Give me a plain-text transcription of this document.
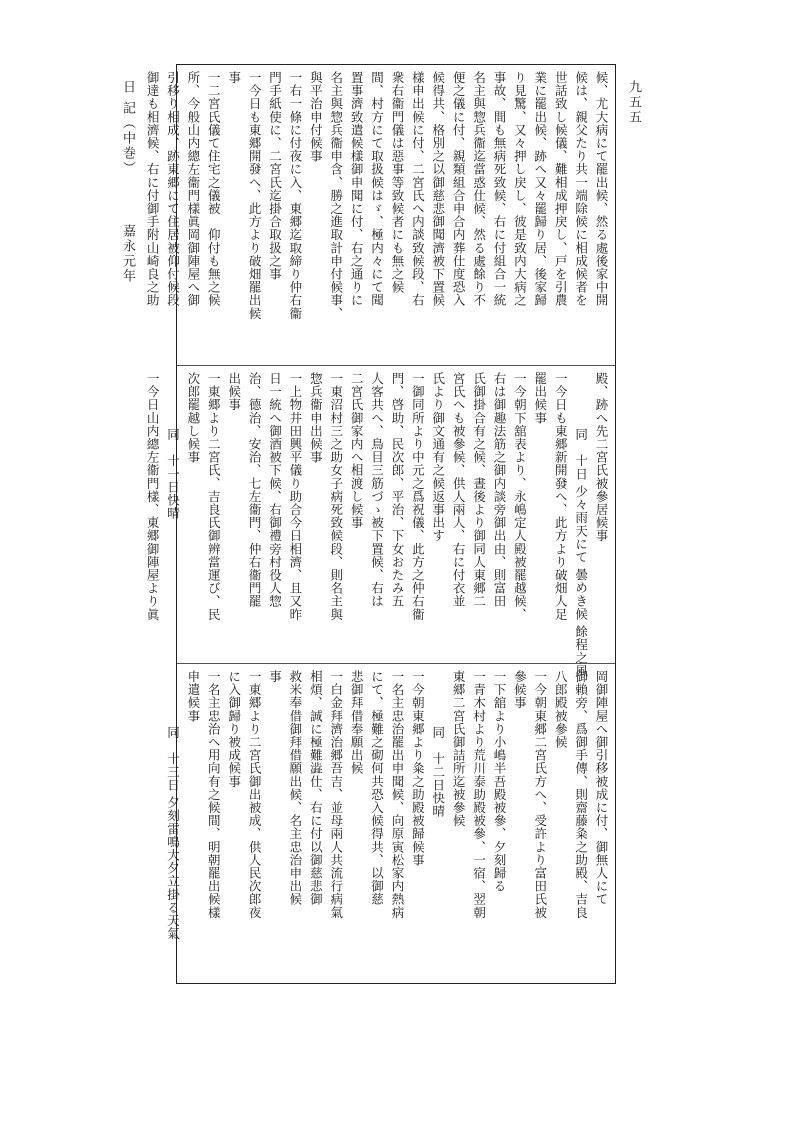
日 記（中巻） 嘉永元年
九五五
候、尤大病にて罷出候、然る處後家中開
候は、親父たり共一端除候に相成候者を
世話致し候儀、難相成押戻し、戸を引農
業に罷出候、跡へ又々罷歸り居、後家歸
り見驚、又々押し戻し、彼是致内大病之
事故、間も無病死致候、右に付組合一統
名主與惣兵衞迄當惑仕候、然る處餘り不
便之儀に付、親類組合申合内葬仕度恐入
候得共、格別之以御慈悲御聞濟被下置候
樣申出候に付、二宮氏へ内談致候段、右
衆右衞門儀は惡事等致候者にも無之候
間、村方にて取扱候はゞ、極内々にて聞
置事濟致遣候樣御申聞に付、右之通りに
名主與惣兵衞申含、勝之進取計申付候事、
與平治申付候事
一右一條に付夜に入、東郷迄取締り仲右衞
門手紙使に、二宮氏迄掛合取扱之事
一今日も東郷開發へ、此方より破畑罷出候
事
一二宮氏儀て住宅之儀被　仰付も無之候
所、今般山内總左衞門樣眞岡御陣屋へ御
引移り相成、跡東郷にて住居被仰付候段
御達も相濟候、右に付御手附山崎良之助
殿、跡へ先二宮氏被參居候事
同　十日 少々雨天にて 曇めき候 餘程之風
一今日も東郷新開發へ、此方より破畑人足
罷出候事
一今朝下舘表より、永嶋定人殿被罷越候、
右は御趣法筋之御内談旁御出由、則富田
氏御掛合有之候、晝後より御同人東郷二
宮氏へも被參候、供人兩人、右に付衣並
氏より御文通有之候返事出す
一御同所より中元之爲祝儀、此方之仲右衞
門、啓助、民次郎、平治、下女おたみ五
人客共へ、鳥目三筋づゝ被下置候、右は
二宮氏御家内へ相渡し候事
一東沼村三之助女子病死致候段、則名主與
惣兵衞申出候事
一上物井田興平儀り助合今日相濟、且又昨
日一統へ御酒被下候、右御禮旁村役人惣
治、德治、安治、七左衞門、仲右衞門罷
出候事
一東郷より二宮氏、吉良氏御辨當運び、民
次郎罷越し候事
同　十一日快晴
一今日山内總左衞門樣、東郷御陣屋より眞
岡御陣屋へ御引移被成に付、御無人にて
御賴旁、爲御手傳、則齋藤粂之助殿、吉良
八郎殿被參候
一今朝東郷二宮氏方へ、受許より富田氏被
參候事
一下舘より小嶋半吾殿被參、夕刻歸る
一青木村より荒川泰助殿被參、一宿、翌朝
東郷二宮氏御詰所迄被參候
同　十二日快晴
一今朝東郷より粂之助殿被歸候事
一名主忠治罷出申聞候、向原寅松家内熱病
にて、極難之砌何共恐入候得共、以御慈
悲御拜借奉願出候
一白金拜濟治郷吾吉、並母兩人共流行病氣
相煩、誠に極難澁仕、右に付以御慈悲御
救米奉借御拜借願出候、名主忠治申出候
事
一東郷より二宮氏御出被成、供人民次郎夜
に入御歸り被成候事
一名主忠治へ用向有之候間、明朝罷出候樣
申遣候事
同　十三日 夕刻雷鳴大夕立掛る天氣
